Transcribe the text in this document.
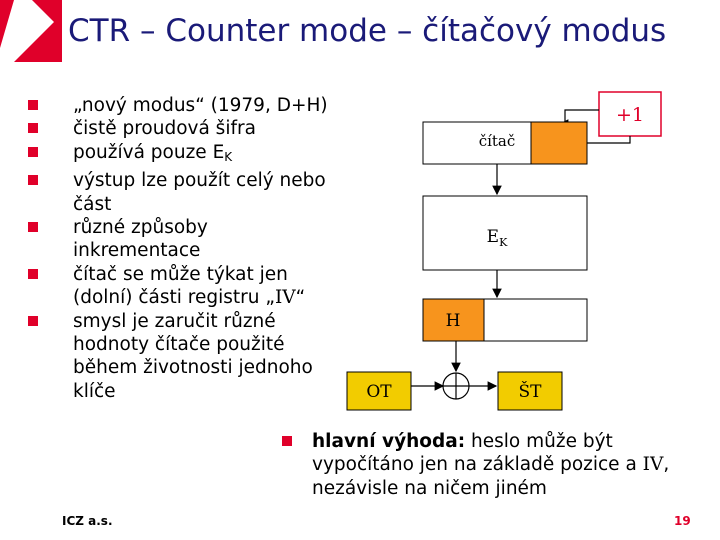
CTR – Counter mode – čítačový modus
„nový modus“ (1979, D+H)
čistě proudová šifra
používá pouze $E_K$
výstup lze použít celý nebo část
různé způsoby inkrementace
čítač se může týkat jen (dolní) části registru „IV“
smysl je zaručit různé hodnoty čítače použité během životnosti jednoho klíče
hlavní výhoda: heslo může být vypočítáno jen na základě pozice a IV, nezávisle na ničem jiném
+1
čítač
$E_K$
H
OT	ŠT
ICZ a.s.	19
